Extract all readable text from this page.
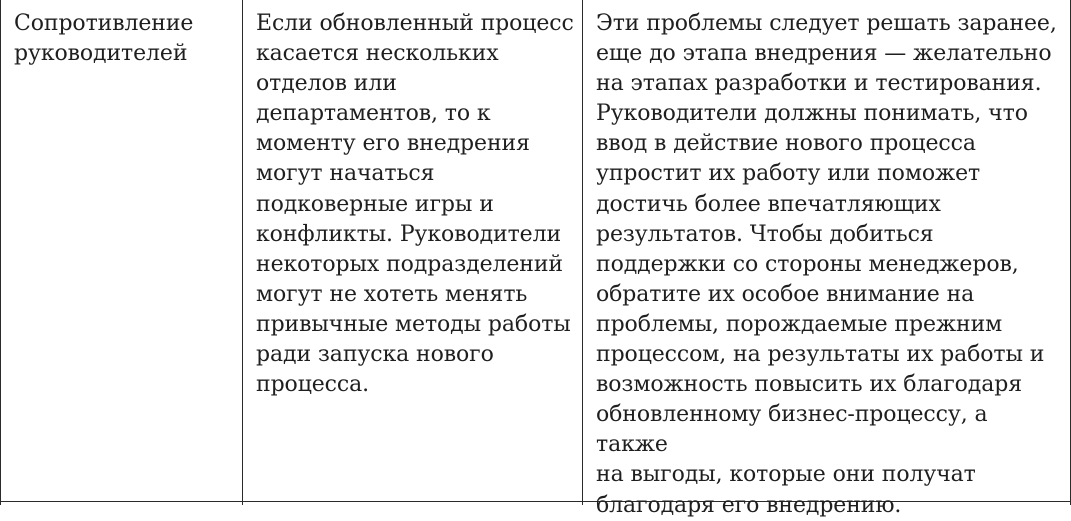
Сопротивление
руководителей
Если обновленный процесс
касается нескольких
отделов или
департаментов, то к
моменту его внедрения
могут начаться
подковерные игры и
конфликты. Руководители
некоторых подразделений
могут не хотеть менять
привычные методы работы
ради запуска нового
процесса.
Эти проблемы следует решать заранее,
еще до этапа внедрения — желательно
на этапах разработки и тестирования.
Руководители должны понимать, что
ввод в действие нового процесса
упростит их работу или поможет
достичь более впечатляющих
результатов. Чтобы добиться
поддержки со стороны менеджеров,
обратите их особое внимание на
проблемы, порождаемые прежним
процессом, на результаты их работы и
возможность повысить их благодаря
обновленному бизнес-процессу, а также
на выгоды, которые они получат
благодаря его внедрению.
